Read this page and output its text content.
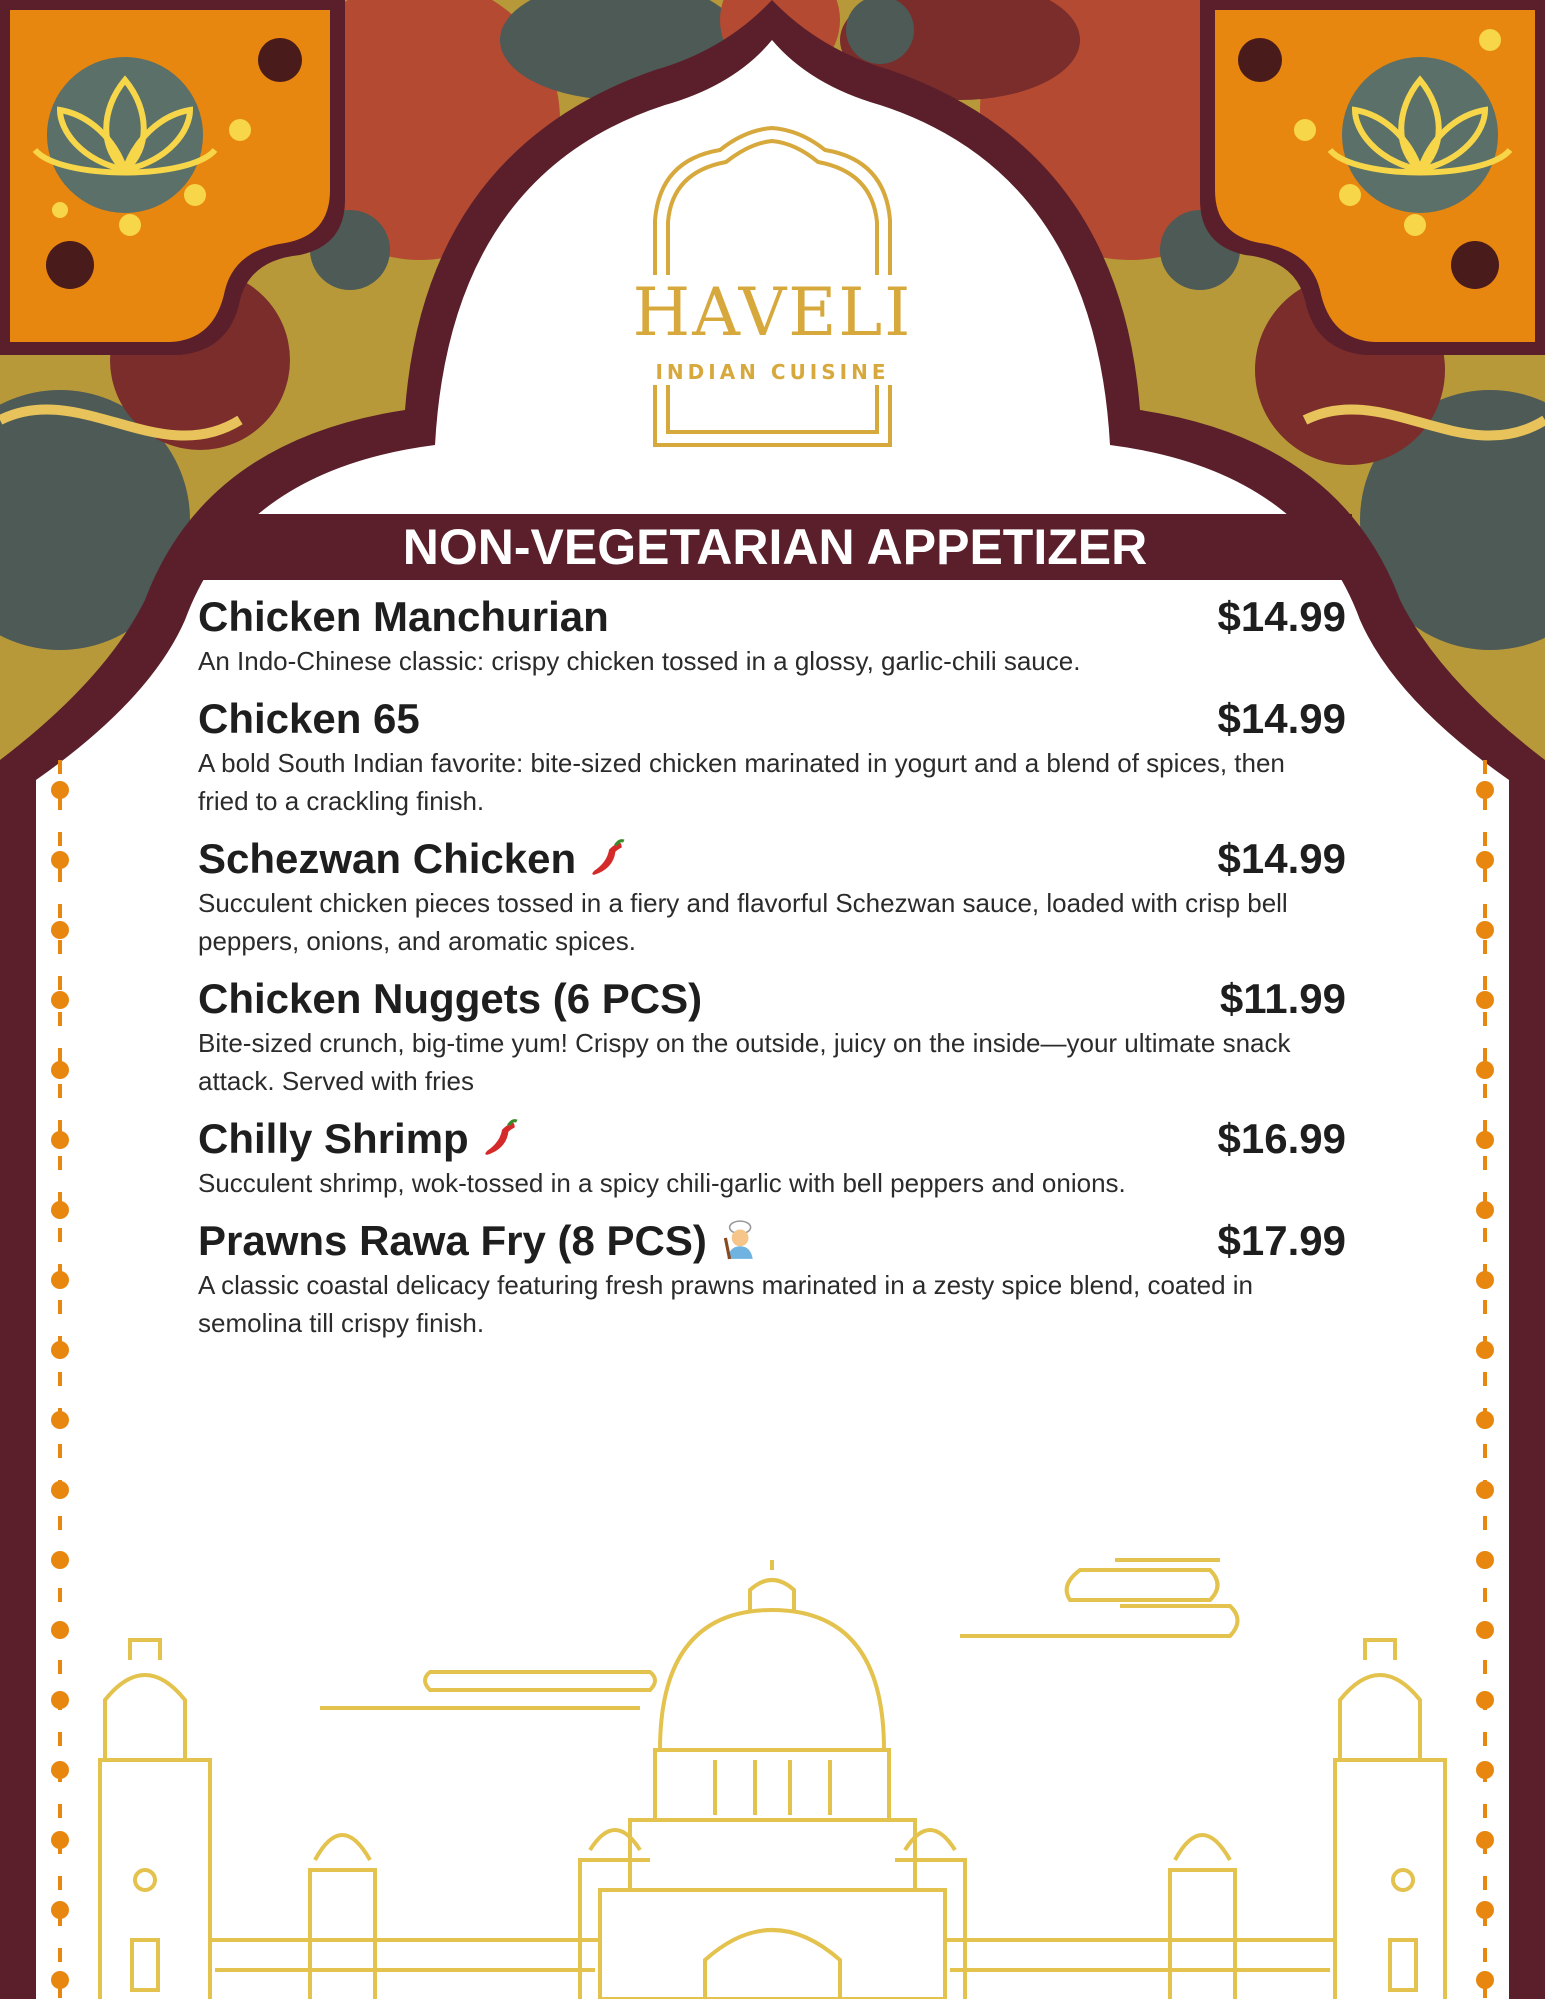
HAVELI
INDIAN CUISINE
NON-VEGETARIAN APPETIZER
Chicken Manchurian	$14.99
An Indo-Chinese classic: crispy chicken tossed in a glossy, garlic-chili sauce.
Chicken 65	$14.99
A bold South Indian favorite: bite-sized chicken marinated in yogurt and a blend of spices, then fried to a crackling finish.
Schezwan Chicken	$14.99
Succulent chicken pieces tossed in a fiery and flavorful Schezwan sauce, loaded with crisp bell peppers, onions, and aromatic spices.
Chicken Nuggets (6 PCS)	$11.99
Bite-sized crunch, big-time yum! Crispy on the outside, juicy on the inside—your ultimate snack attack. Served with fries
Chilly Shrimp	$16.99
Succulent shrimp, wok-tossed in a spicy chili-garlic with bell peppers and onions.
Prawns Rawa Fry (8 PCS)	$17.99
A classic coastal delicacy featuring fresh prawns marinated in a zesty spice blend, coated in semolina till crispy finish.
